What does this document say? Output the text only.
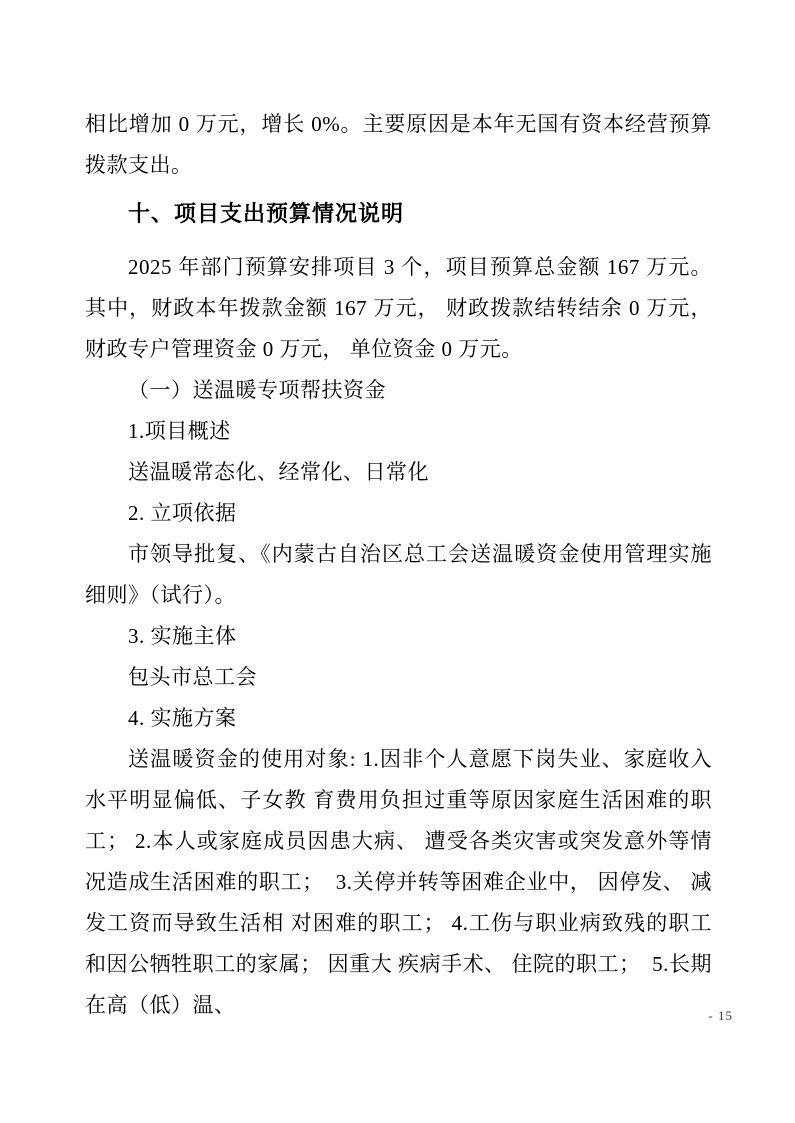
相比增加 0 万元，增长 0%。主要原因是本年无国有资本经营预算拨款支出。

十、项目支出预算情况说明

2025 年部门预算安排项目 3 个，项目预算总金额 167 万元。其中，财政本年拨款金额 167 万元， 财政拨款结转结余 0 万元， 财政专户管理资金 0 万元， 单位资金 0 万元。

（一）送温暖专项帮扶资金

1.项目概述

送温暖常态化、经常化、日常化

2. 立项依据

市领导批复、《内蒙古自治区总工会送温暖资金使用管理实施细则》（试行）。

3. 实施主体

包头市总工会

4. 实施方案

送温暖资金的使用对象: 1.因非个人意愿下岗失业、家庭收入水平明显偏低、子女教 育费用负担过重等原因家庭生活困难的职工； 2.本人或家庭成员因患大病、 遭受各类灾害或突发意外等情 况造成生活困难的职工；  3.关停并转等困难企业中， 因停发、 减发工资而导致生活相 对困难的职工； 4.工伤与职业病致残的职工和因公牺牲职工的家属； 因重大 疾病手术、 住院的职工；  5.长期在高（低）温、	- 15
